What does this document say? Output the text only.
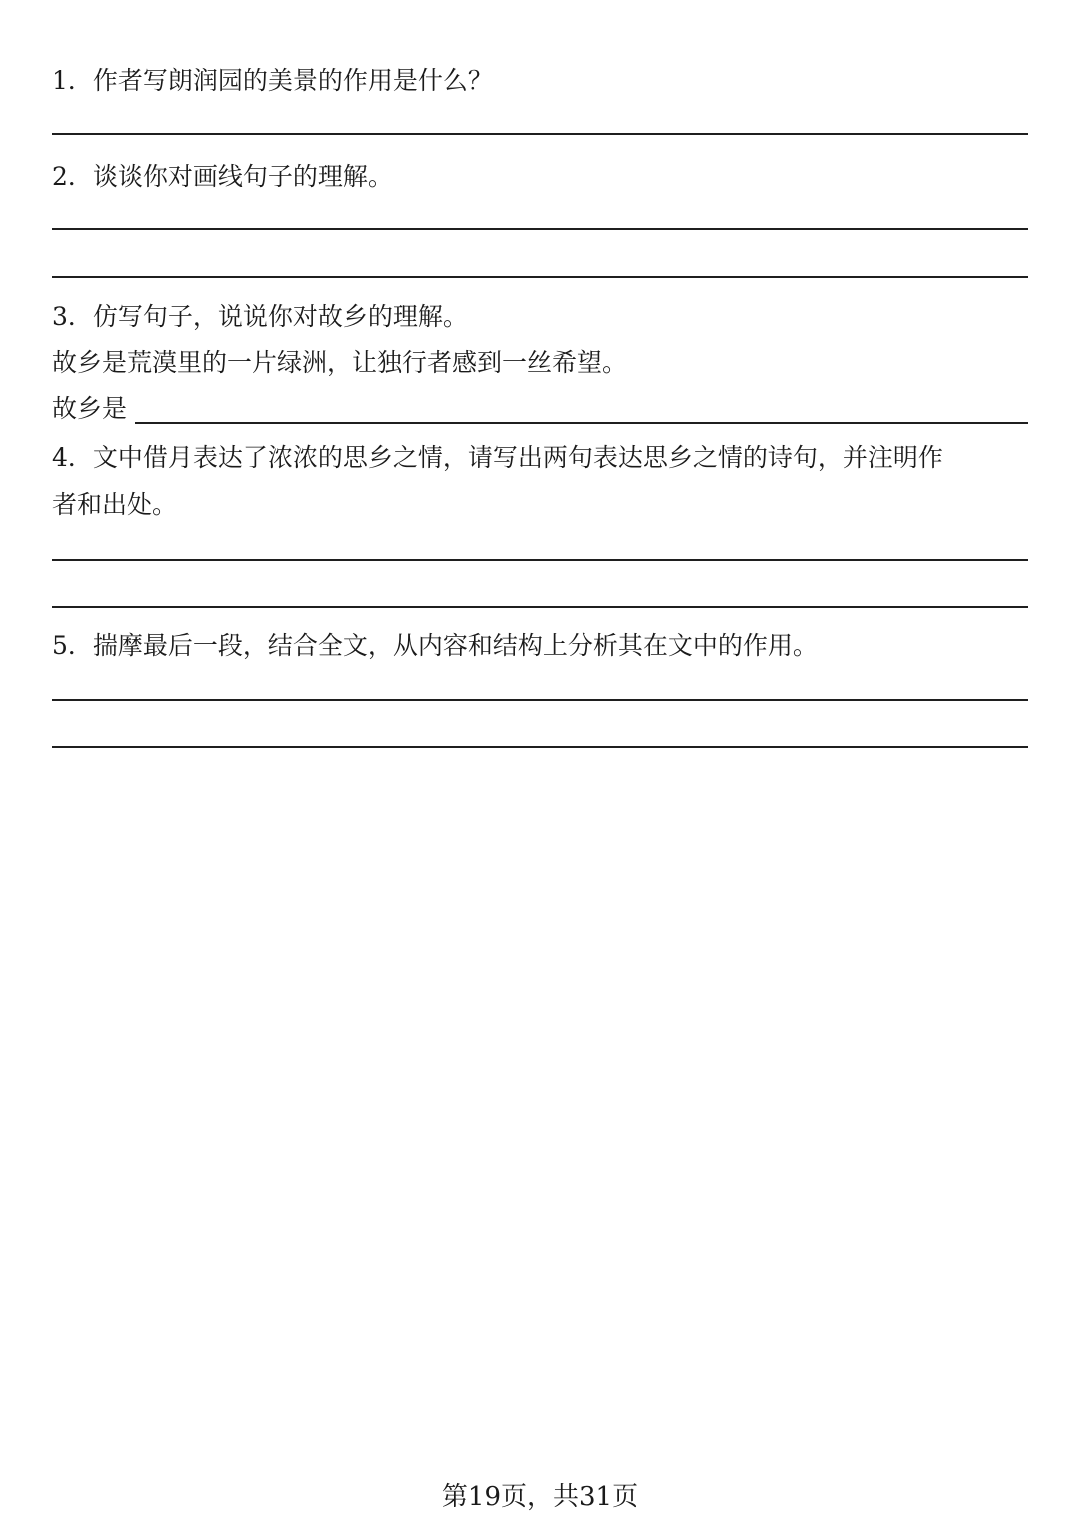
1．作者写朗润园的美景的作用是什么？
2．谈谈你对画线句子的理解。
3．仿写句子，说说你对故乡的理解。
故乡是荒漠里的一片绿洲，让独行者感到一丝希望。
故乡是
4．文中借月表达了浓浓的思乡之情，请写出两句表达思乡之情的诗句，并注明作
者和出处。
5．揣摩最后一段，结合全文，从内容和结构上分析其在文中的作用。
第19页，共31页
